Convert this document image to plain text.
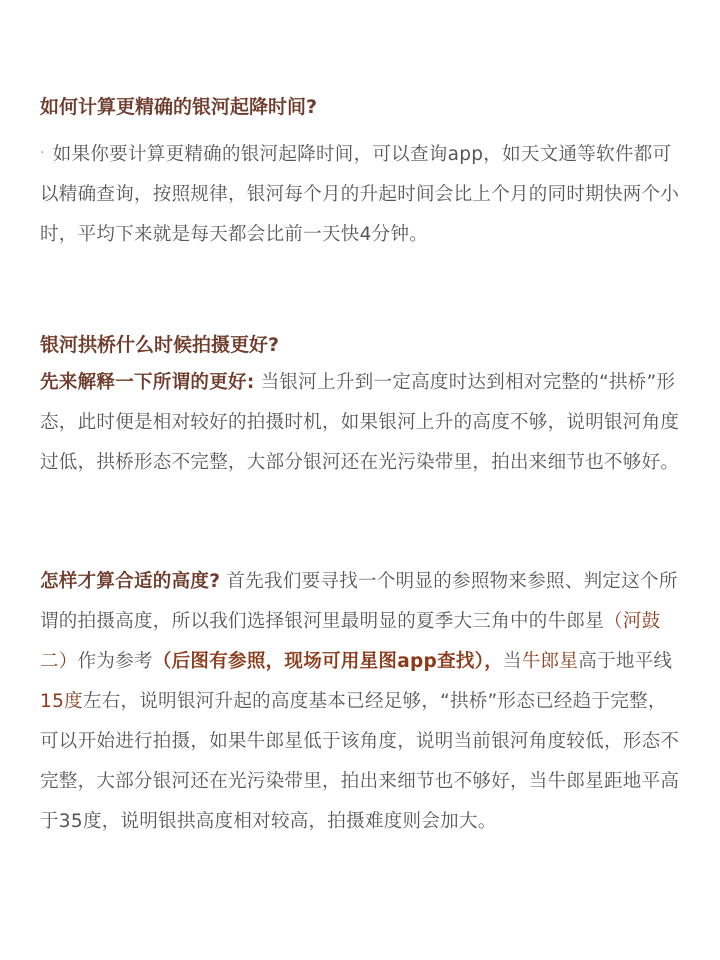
如何计算更精确的银河起降时间?

· 如果你要计算更精确的银河起降时间，可以查询app，如天文通等软件都可以精确查询，按照规律，银河每个月的升起时间会比上个月的同时期快两个小时，平均下来就是每天都会比前一天快4分钟。

银河拱桥什么时候拍摄更好?

先来解释一下所谓的更好: 当银河上升到一定高度时达到相对完整的“拱桥”形态，此时便是相对较好的拍摄时机，如果银河上升的高度不够，说明银河角度过低，拱桥形态不完整，大部分银河还在光污染带里，拍出来细节也不够好。

怎样才算合适的高度? 首先我们要寻找一个明显的参照物来参照、判定这个所谓的拍摄高度，所以我们选择银河里最明显的夏季大三角中的牛郎星（河鼓二）作为参考（后图有参照，现场可用星图app查找），当牛郎星高于地平线15度左右，说明银河升起的高度基本已经足够，“拱桥”形态已经趋于完整，可以开始进行拍摄，如果牛郎星低于该角度，说明当前银河角度较低，形态不完整，大部分银河还在光污染带里，拍出来细节也不够好，当牛郎星距地平高于35度，说明银拱高度相对较高，拍摄难度则会加大。
